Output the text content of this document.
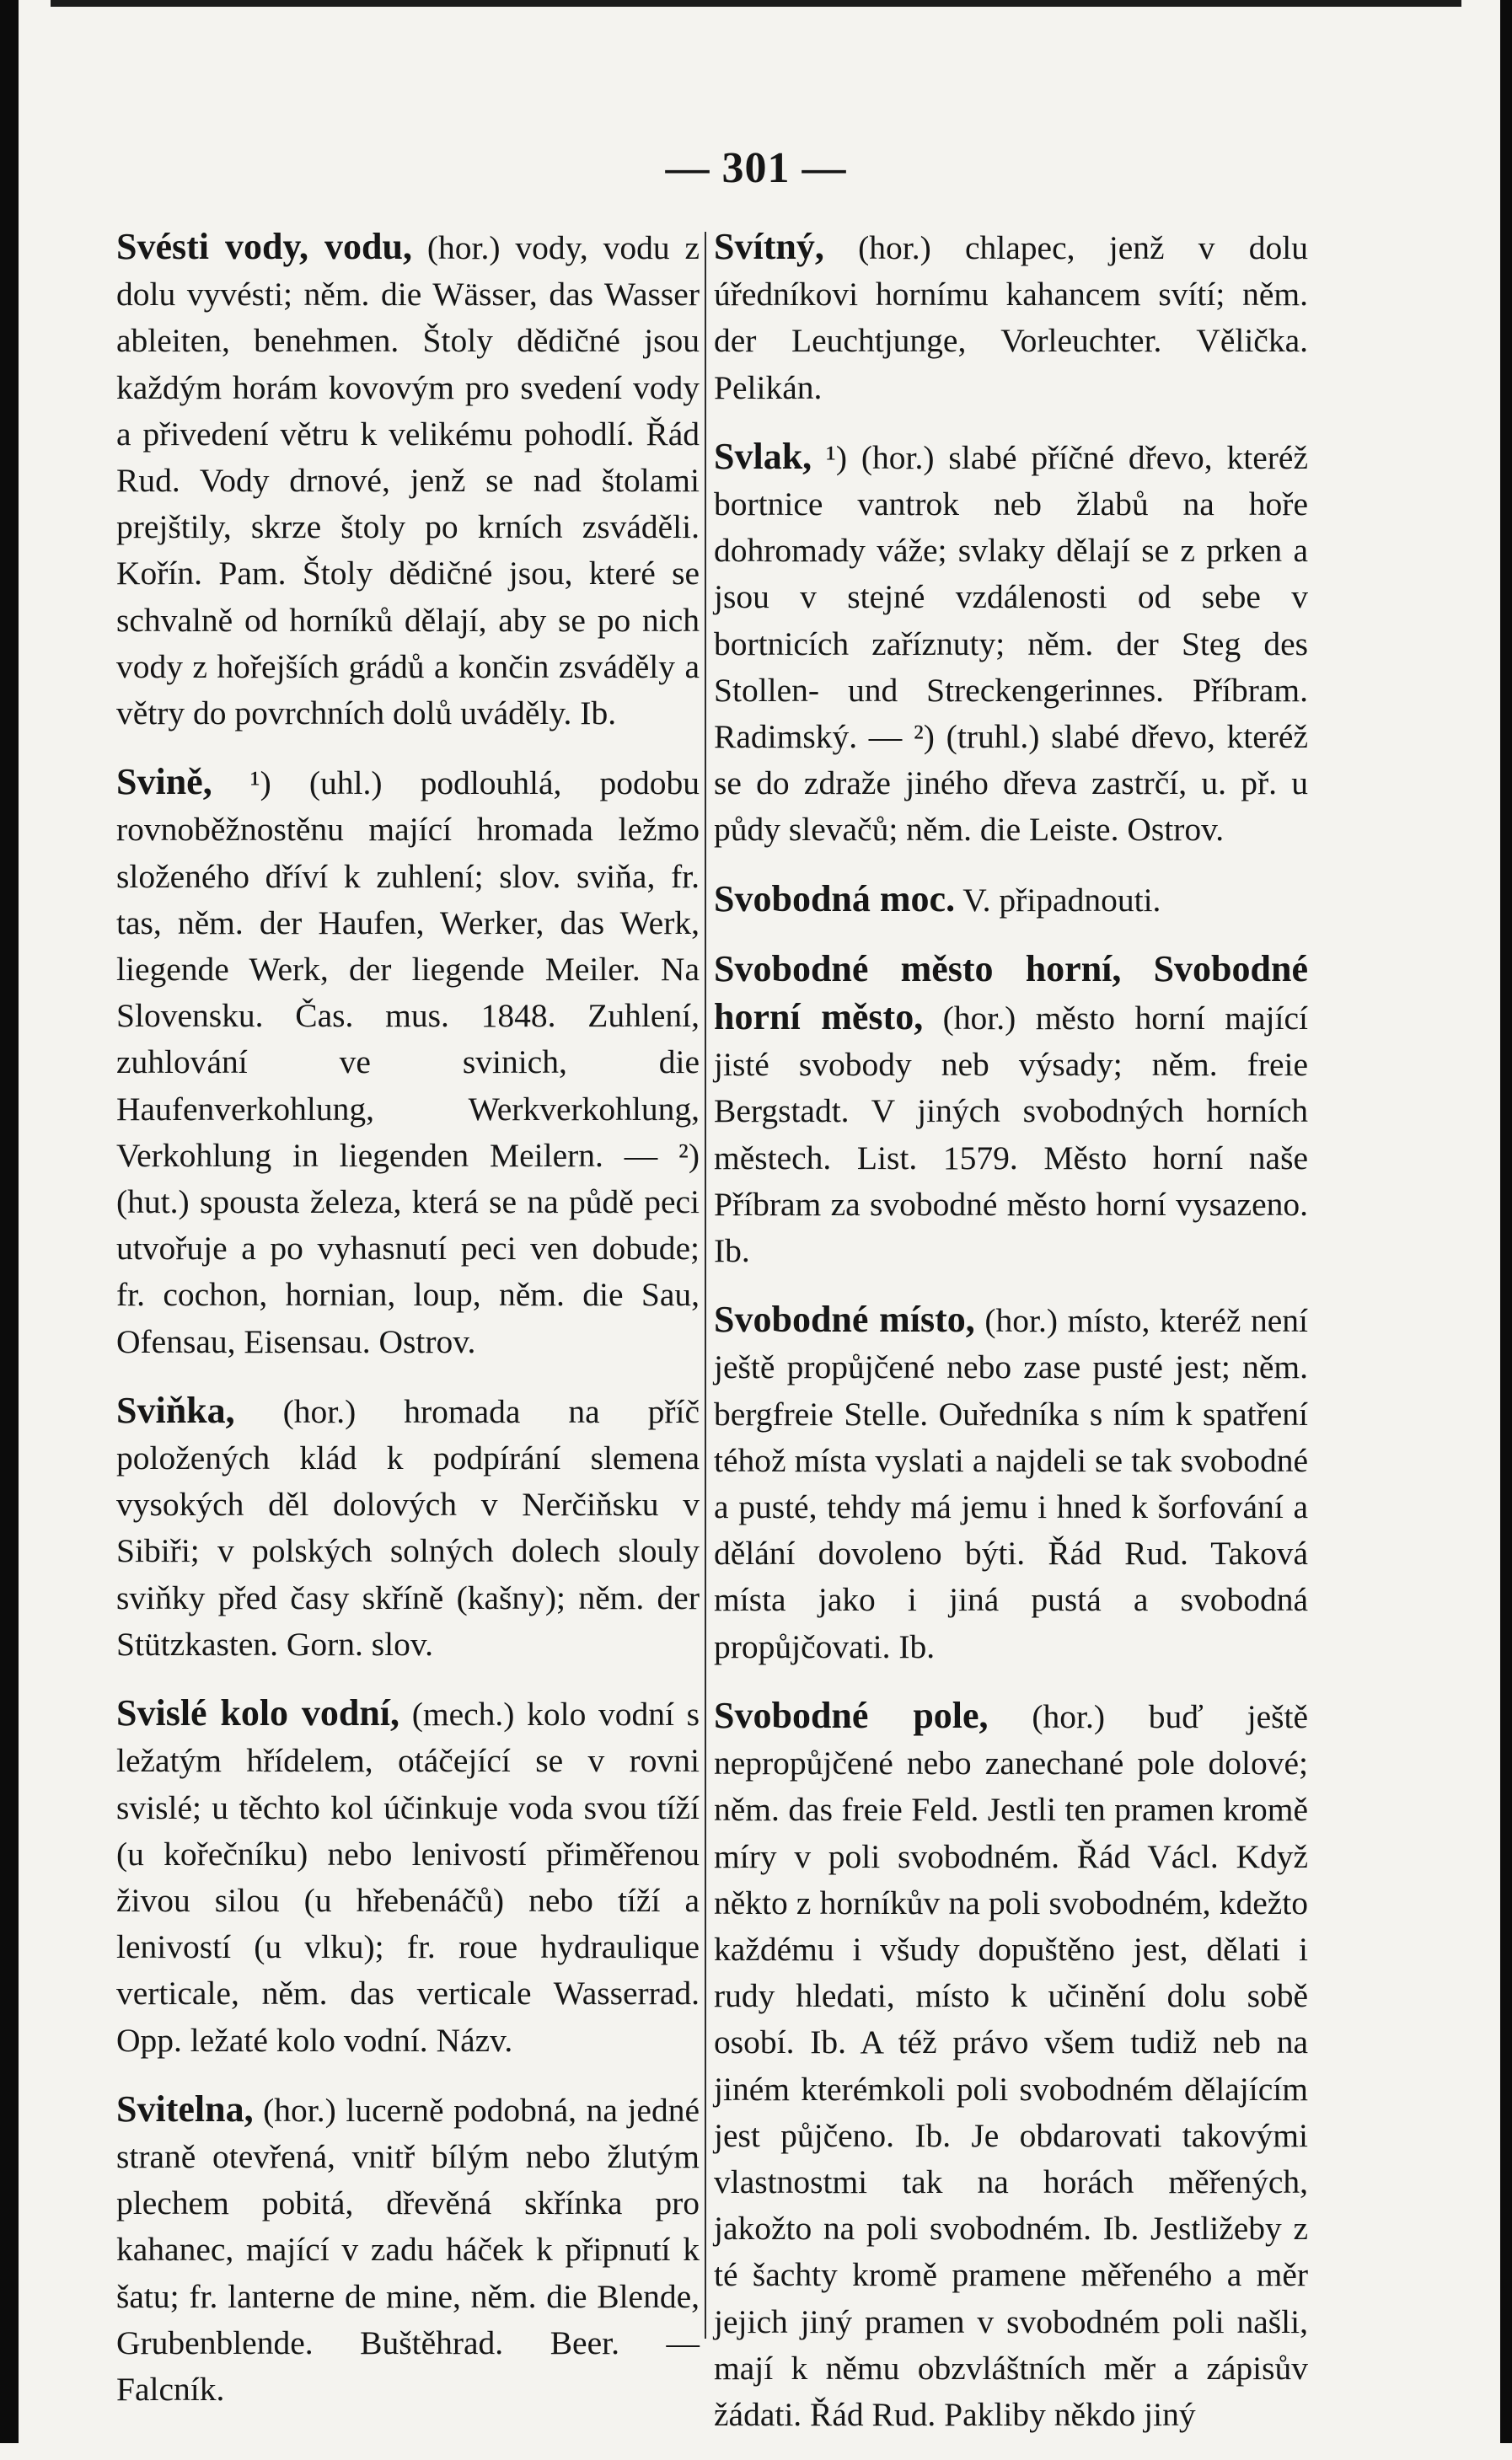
— 301 —

Svésti vody, vodu, (hor.) vody, vodu z dolu vyvésti; něm. die Wässer, das Wasser ableiten, benehmen. Štoly dědičné jsou každým horám kovovým pro svedení vody a přivedení větru k velikému pohodlí. Řád Rud. Vody drnové, jenž se nad štolami prejštily, skrze štoly po krních zsváděli. Kořín. Pam. Štoly dědičné jsou, které se schvalně od horníků dělají, aby se po nich vody z hořejších grádů a končin zsváděly a větry do povrchních dolů uváděly. Ib.

Svině, ¹) (uhl.) podlouhlá, podobu rovnoběžnostěnu mající hromada ležmo složeného dříví k zuhlení; slov. sviňa, fr. tas, něm. der Haufen, Werker, das Werk, liegende Werk, der liegende Meiler. Na Slovensku. Čas. mus. 1848. Zuhlení, zuhlování ve svinich, die Haufenverkohlung, Werkverkohlung, Verkohlung in liegenden Meilern. — ²) (hut.) spousta železa, která se na půdě peci utvořuje a po vyhasnutí peci ven dobude; fr. cochon, hornian, loup, něm. die Sau, Ofensau, Eisensau. Ostrov.

Sviňka, (hor.) hromada na příč položených klád k podpírání slemena vysokých děl dolových v Nerčiňsku v Sibiři; v polských solných dolech slouly sviňky před časy skříně (kašny); něm. der Stützkasten. Gorn. slov.

Svislé kolo vodní, (mech.) kolo vodní s ležatým hřídelem, otáčející se v rovni svislé; u těchto kol účinkuje voda svou tíží (u kořečníku) nebo lenivostí přiměřenou živou silou (u hřebenáčů) nebo tíží a lenivostí (u vlku); fr. roue hydraulique verticale, něm. das verticale Wasserrad. Opp. ležaté kolo vodní. Názv.

Svitelna, (hor.) lucerně podobná, na jedné straně otevřená, vnitř bílým nebo žlutým plechem pobitá, dřevěná skřínka pro kahanec, mající v zadu háček k připnutí k šatu; fr. lanterne de mine, něm. die Blende, Grubenblende. Buštěhrad. Beer. — Falcník.

Svítný, (hor.) chlapec, jenž v dolu úředníkovi hornímu kahancem svítí; něm. der Leuchtjunge, Vorleuchter. Vělička. Pelikán.

Svlak, ¹) (hor.) slabé příčné dřevo, kteréž bortnice vantrok neb žlabů na hoře dohromady váže; svlaky dělají se z prken a jsou v stejné vzdálenosti od sebe v bortnicích zaříznuty; něm. der Steg des Stollen- und Streckengerinnes. Příbram. Radimský. — ²) (truhl.) slabé dřevo, kteréž se do zdraže jiného dřeva zastrčí, u. př. u půdy slevačů; něm. die Leiste. Ostrov.

Svobodná moc. V. připadnouti.

Svobodné město horní, Svobodné horní město, (hor.) město horní mající jisté svobody neb výsady; něm. freie Bergstadt. V jiných svobodných horních městech. List. 1579. Město horní naše Příbram za svobodné město horní vysazeno. Ib.

Svobodné místo, (hor.) místo, kteréž není ještě propůjčené nebo zase pusté jest; něm. bergfreie Stelle. Ouředníka s ním k spatření téhož místa vyslati a najdeli se tak svobodné a pusté, tehdy má jemu i hned k šorfování a dělání dovoleno býti. Řád Rud. Taková místa jako i jiná pustá a svobodná propůjčovati. Ib.

Svobodné pole, (hor.) buď ještě nepropůjčené nebo zanechané pole dolové; něm. das freie Feld. Jestli ten pramen kromě míry v poli svobodném. Řád Václ. Když někto z horníkův na poli svobodném, kdežto každému i všudy dopuštěno jest, dělati i rudy hledati, místo k učinění dolu sobě osobí. Ib. A též právo všem tudiž neb na jiném kterémkoli poli svobodném dělajícím jest půjčeno. Ib. Je obdarovati takovými vlastnostmi tak na horách měřených, jakožto na poli svobodném. Ib. Jestližeby z té šachty kromě pramene měřeného a měr jejich jiný pramen v svobodném poli našli, mají k němu obzvláštních měr a zápisův žádati. Řád Rud. Pakliby někdo jiný
